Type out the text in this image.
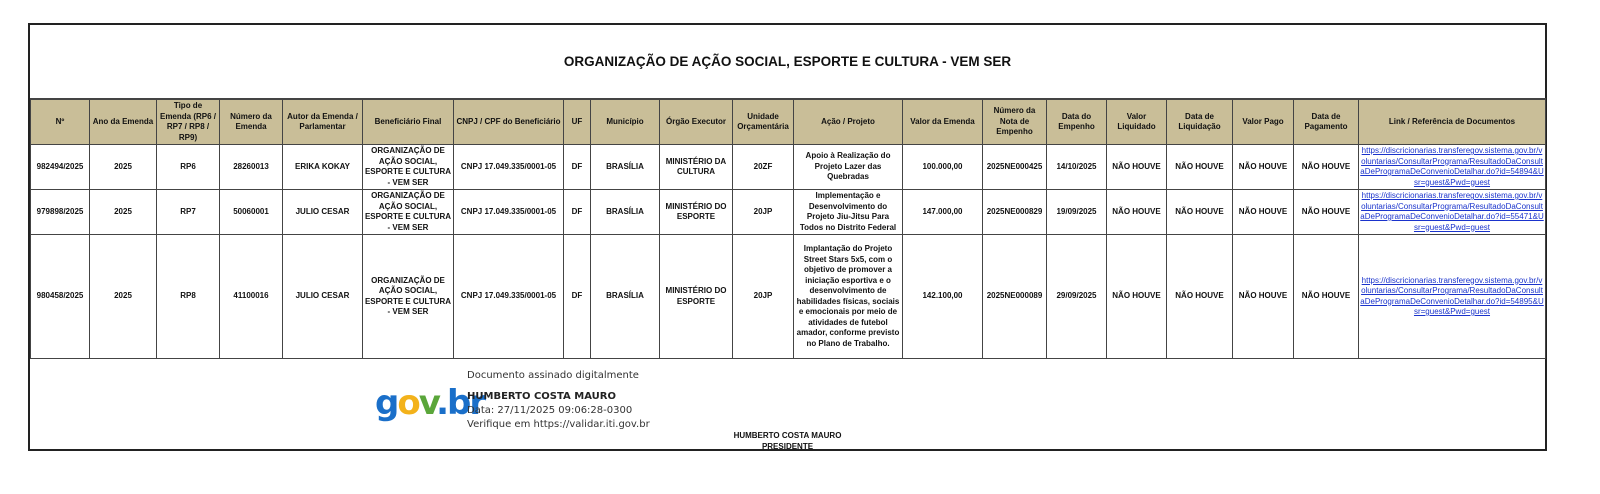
ORGANIZAÇÃO DE AÇÃO SOCIAL, ESPORTE E CULTURA - VEM SER
Nº	Ano da Emenda	Tipo de Emenda (RP6 / RP7 / RP8 / RP9)	Número da Emenda	Autor da Emenda / Parlamentar	Beneficiário Final	CNPJ / CPF do Beneficiário	UF	Município	Órgão Executor	Unidade Orçamentária	Ação / Projeto	Valor da Emenda	Número da Nota de Empenho	Data do Empenho	Valor Liquidado	Data de Liquidação	Valor Pago	Data de Pagamento	Link / Referência de Documentos
982494/2025	2025	RP6	28260013	ERIKA KOKAY	ORGANIZAÇÃO DE AÇÃO SOCIAL, ESPORTE E CULTURA - VEM SER	CNPJ 17.049.335/0001-05	DF	BRASÍLIA	MINISTÉRIO DA CULTURA	20ZF	Apoio à Realização do Projeto Lazer das Quebradas	100.000,00	2025NE000425	14/10/2025	NÃO HOUVE	NÃO HOUVE	NÃO HOUVE	NÃO HOUVE	https://discricionarias.transferegov.sistema.gov.br/voluntarias/ConsultarPrograma/ResultadoDaConsultaDeProgramaDeConvenioDetalhar.do?id=54894&Usr=guest&Pwd=guest

979898/2025	2025	RP7	50060001	JULIO CESAR	ORGANIZAÇÃO DE AÇÃO SOCIAL, ESPORTE E CULTURA - VEM SER	CNPJ 17.049.335/0001-05	DF	BRASÍLIA	MINISTÉRIO DO ESPORTE	20JP	Implementação e Desenvolvimento do Projeto Jiu-Jitsu Para Todos no Distrito Federal	147.000,00	2025NE000829	19/09/2025	NÃO HOUVE	NÃO HOUVE	NÃO HOUVE	NÃO HOUVE	https://discricionarias.transferegov.sistema.gov.br/voluntarias/ConsultarPrograma/ResultadoDaConsultaDeProgramaDeConvenioDetalhar.do?id=55471&Usr=guest&Pwd=guest

980458/2025	2025	RP8	41100016	JULIO CESAR	ORGANIZAÇÃO DE AÇÃO SOCIAL, ESPORTE E CULTURA - VEM SER	CNPJ 17.049.335/0001-05	DF	BRASÍLIA	MINISTÉRIO DO ESPORTE	20JP	Implantação do Projeto Street Stars 5x5, com o objetivo de promover a iniciação esportiva e o desenvolvimento de habilidades físicas, sociais e emocionais por meio de atividades de futebol amador, conforme previsto no Plano de Trabalho.	142.100,00	2025NE000089	29/09/2025	NÃO HOUVE	NÃO HOUVE	NÃO HOUVE	NÃO HOUVE	https://discricionarias.transferegov.sistema.gov.br/voluntarias/ConsultarPrograma/ResultadoDaConsultaDeProgramaDeConvenioDetalhar.do?id=54895&Usr=guest&Pwd=guest
gov.br
Documento assinado digitalmente
HUMBERTO COSTA MAURO
Data: 27/11/2025 09:06:28-0300
Verifique em https://validar.iti.gov.br
HUMBERTO COSTA MAURO
PRESIDENTE
